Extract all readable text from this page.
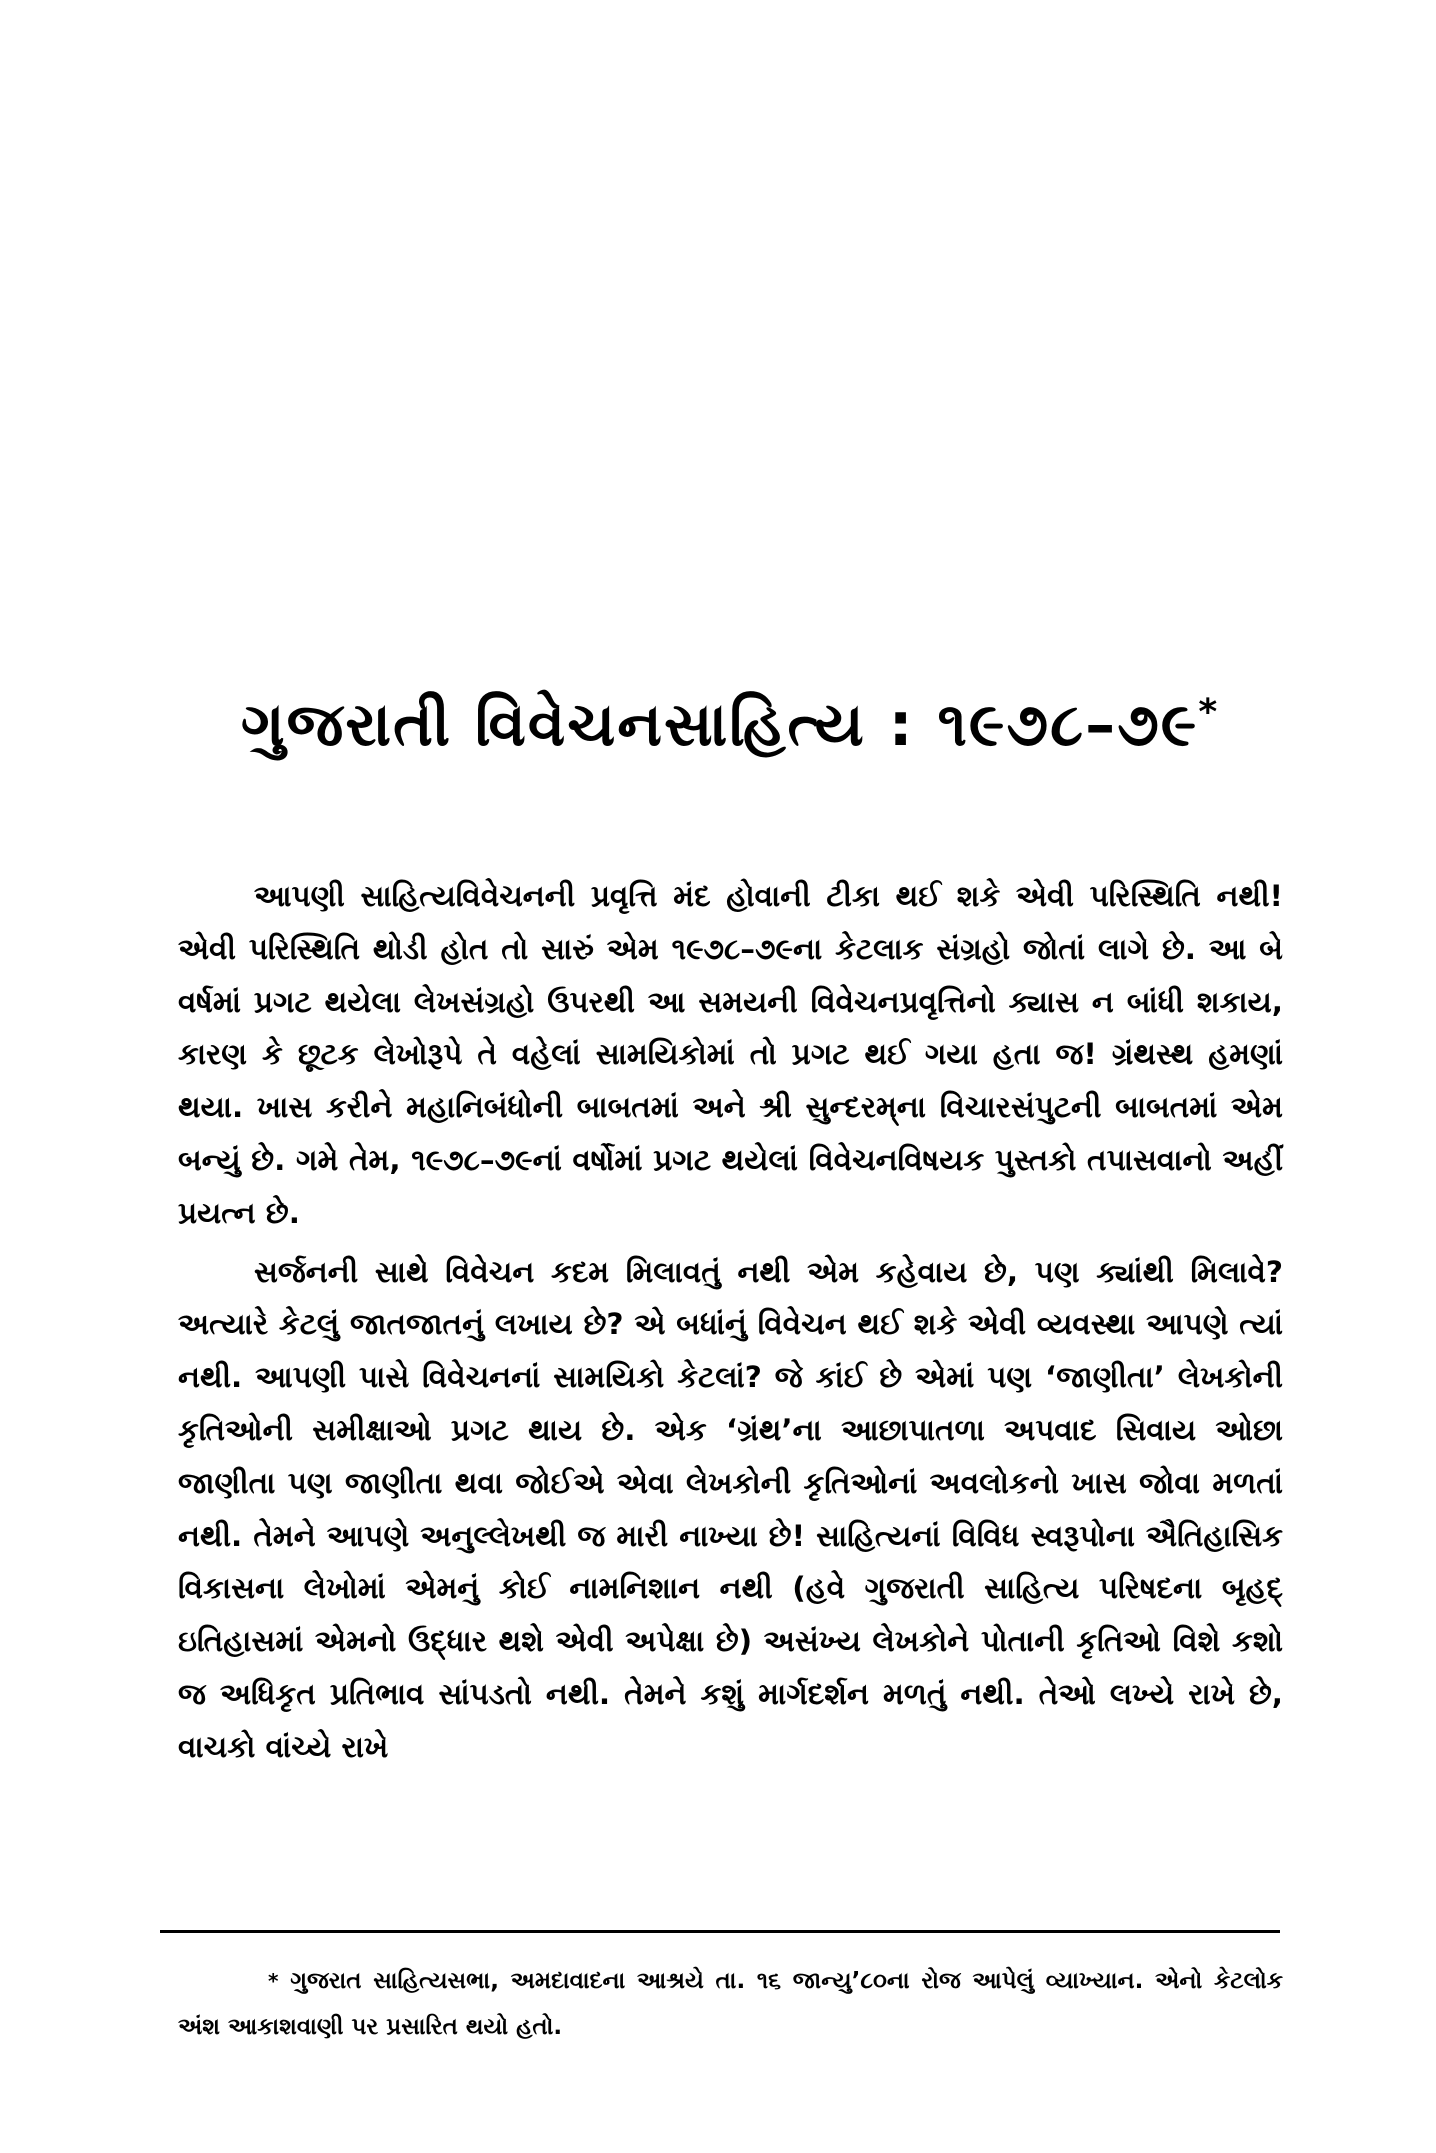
ગુજરાતી વિવેચનસાહિત્ય : ૧૯૭૮–૭૯*

આપણી સાહિત્યવિવેચનની પ્રવૃત્તિ મંદ હોવાની ટીકા થઈ શકે એવી પરિસ્થિતિ નથી! એવી પરિસ્થિતિ થોડી હોત તો સારું એમ ૧૯૭૮–૭૯ના કેટલાક સંગ્રહો જોતાં લાગે છે. આ બે વર્ષમાં પ્રગટ થયેલા લેખસંગ્રહો ઉપરથી આ સમયની વિવેચનપ્રવૃત્તિનો ક્યાસ ન બાંધી શકાય, કારણ કે છૂટક લેખોરૂપે તે વહેલાં સામયિકોમાં તો પ્રગટ થઈ ગયા હતા જ! ગ્રંથસ્થ હમણાં થયા. ખાસ કરીને મહાનિબંધોની બાબતમાં અને શ્રી સુન્દરમ્‌ના વિચારસંપુટની બાબતમાં એમ બન્યું છે. ગમે તેમ, ૧૯૭૮–૭૯નાં વર્ષોમાં પ્રગટ થયેલાં વિવેચનવિષયક પુસ્તકો તપાસવાનો અહીં પ્રયત્ન છે.

સર્જનની સાથે વિવેચન કદમ મિલાવતું નથી એમ કહેવાય છે, પણ ક્યાંથી મિલાવે? અત્યારે કેટલું જાતજાતનું લખાય છે? એ બધાંનું વિવેચન થઈ શકે એવી વ્યવસ્થા આપણે ત્યાં નથી. આપણી પાસે વિવેચનનાં સામયિકો કેટલાં? જે કાંઈ છે એમાં પણ ‘જાણીતા’ લેખકોની કૃતિઓની સમીક્ષાઓ પ્રગટ થાય છે. એક ‘ગ્રંથ’ના આછાપાતળા અપવાદ સિવાય ઓછા જાણીતા પણ જાણીતા થવા જોઈએ એવા લેખકોની કૃતિઓનાં અવલોકનો ખાસ જોવા મળતાં નથી. તેમને આપણે અનુલ્લેખથી જ મારી નાખ્યા છે! સાહિત્યનાં વિવિધ સ્વરૂપોના ઐતિહાસિક વિકાસના લેખોમાં એમનું કોઈ નામનિશાન નથી (હવે ગુજરાતી સાહિત્ય પરિષદના બૃહદ્ ઇતિહાસમાં એમનો ઉદ્ધાર થશે એવી અપેક્ષા છે) અસંખ્ય લેખકોને પોતાની કૃતિઓ વિશે કશો જ અધિકૃત પ્રતિભાવ સાંપડતો નથી. તેમને કશું માર્ગદર્શન મળતું નથી. તેઓ લખ્યે રાખે છે, વાચકો વાંચ્યે રાખે

* ગુજરાત સાહિત્યસભા, અમદાવાદના આશ્રયે તા. ૧૬ જાન્યુ’૮૦ના રોજ આપેલું વ્યાખ્યાન. એનો કેટલોક અંશ આકાશવાણી પર પ્રસારિત થયો હતો.
